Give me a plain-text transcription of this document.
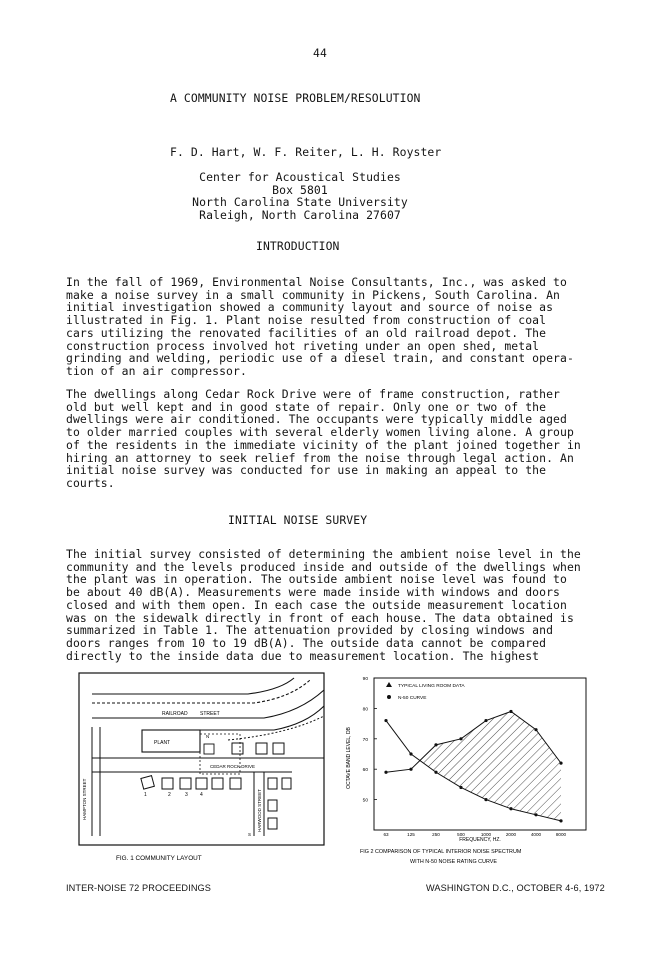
44
A COMMUNITY NOISE PROBLEM/RESOLUTION
F. D. Hart, W. F. Reiter, L. H. Royster
Center for Acoustical Studies
Box 5801
North Carolina State University
Raleigh, North Carolina 27607
INTRODUCTION
In the fall of 1969, Environmental Noise Consultants, Inc., was asked to
make a noise survey in a small community in Pickens, South Carolina. An
initial investigation showed a community layout and source of noise as
illustrated in Fig. 1. Plant noise resulted from construction of coal
cars utilizing the renovated facilities of an old railroad depot. The
construction process involved hot riveting under an open shed, metal
grinding and welding, periodic use of a diesel train, and constant opera-
tion of an air compressor.
The dwellings along Cedar Rock Drive were of frame construction, rather
old but well kept and in good state of repair. Only one or two of the
dwellings were air conditioned. The occupants were typically middle aged
to older married couples with several elderly women living alone. A group
of the residents in the immediate vicinity of the plant joined together in
hiring an attorney to seek relief from the noise through legal action. An
initial noise survey was conducted for use in making an appeal to the
courts.
INITIAL NOISE SURVEY
The initial survey consisted of determining the ambient noise level in the
community and the levels produced inside and outside of the dwellings when
the plant was in operation. The outside ambient noise level was found to
be about 40 dB(A). Measurements were made inside with windows and doors
closed and with them open. In each case the outside measurement location
was on the sidewalk directly in front of each house. The data obtained is
summarized in Table 1. The attenuation provided by closing windows and
doors ranges from 10 to 19 dB(A). The outside data cannot be compared
directly to the inside data due to measurement location. The highest
RAILROAD STREET
PLANT
CEDAR ROCK DRIVE
HAMPTON STREET	1	2	3 4	HARWOOD STREET
N
S
FIG. 1 COMMUNITY LAYOUT
50
60
70
80
90
63	125	250	500	1000	2000	4000	8000
TYPICAL LIVING ROOM DATA
N-50 CURVE
OCTAVE BAND LEVEL, DB
FREQUENCY, HZ.
FIG 2 COMPARISON OF TYPICAL INTERIOR NOISE SPECTRUM
WITH N-50 NOISE RATING CURVE
INTER-NOISE 72 PROCEEDINGS	WASHINGTON D.C., OCTOBER 4-6, 1972
